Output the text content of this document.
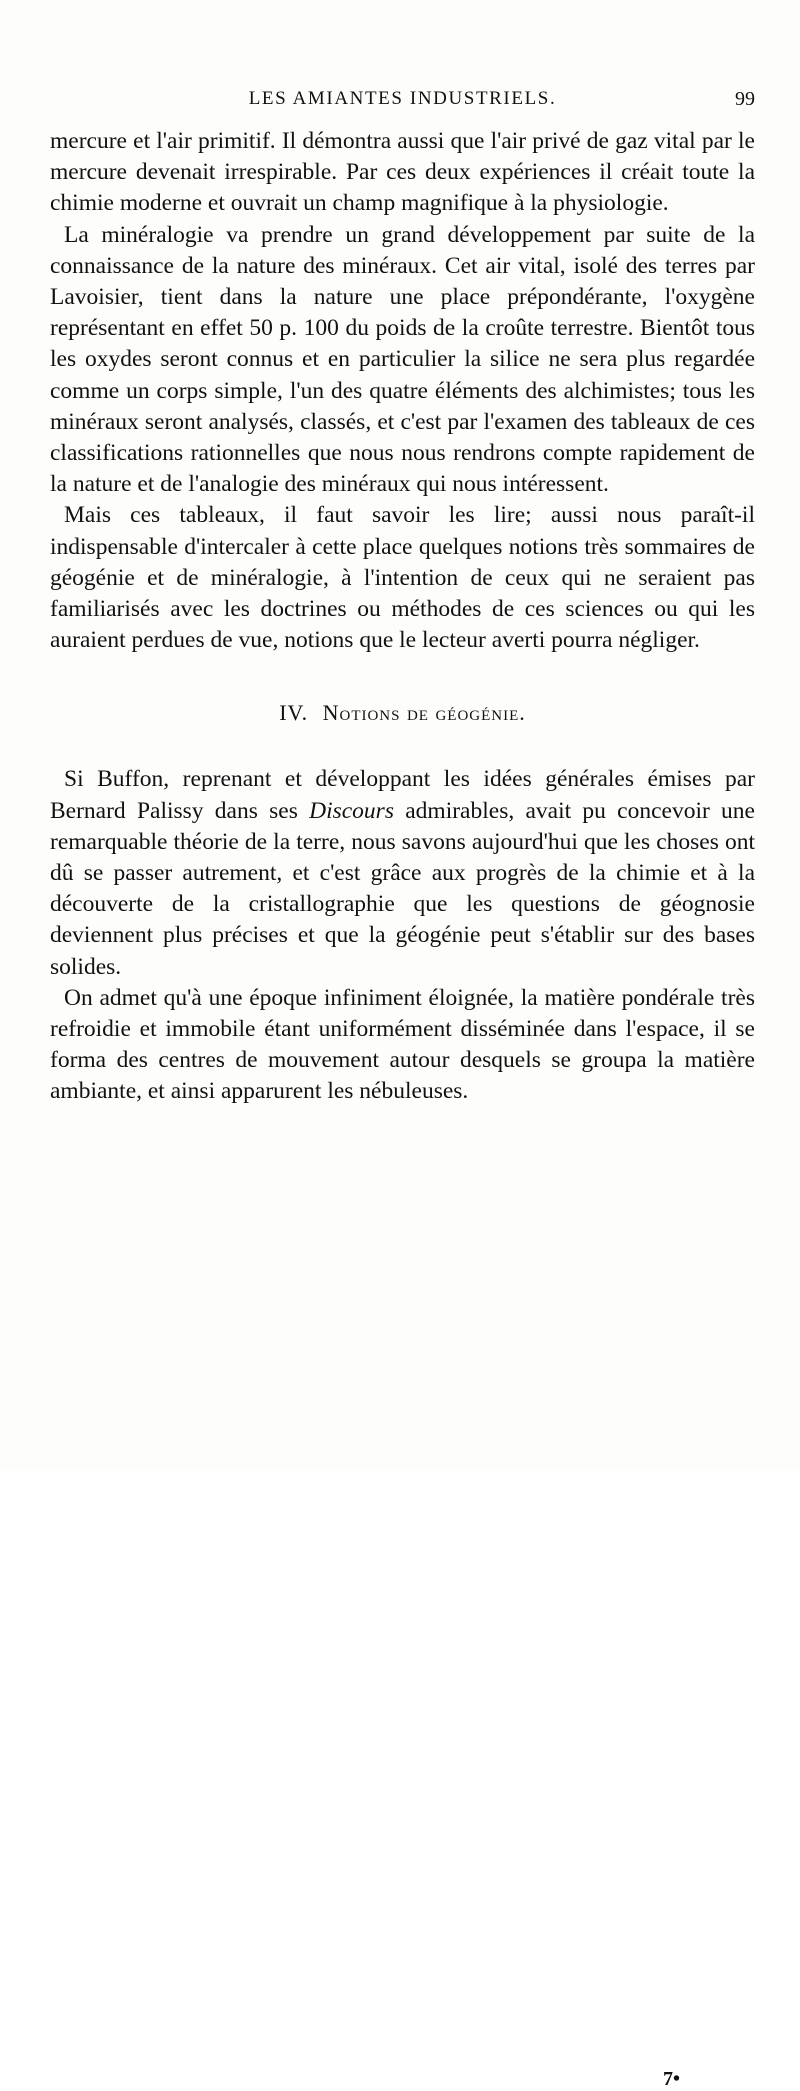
LES AMIANTES INDUSTRIELS.	99

mercure et l'air primitif. Il démontra aussi que l'air privé de gaz vital par le mercure devenait irrespirable. Par ces deux expériences il créait toute la chimie moderne et ouvrait un champ magnifique à la physiologie.

La minéralogie va prendre un grand développement par suite de la connaissance de la nature des minéraux. Cet air vital, isolé des terres par Lavoisier, tient dans la nature une place prépondérante, l'oxygène représentant en effet 50 p. 100 du poids de la croûte terrestre. Bientôt tous les oxydes seront connus et en particulier la silice ne sera plus regardée comme un corps simple, l'un des quatre éléments des alchimistes; tous les minéraux seront analysés, classés, et c'est par l'examen des tableaux de ces classifications rationnelles que nous nous rendrons compte rapidement de la nature et de l'analogie des minéraux qui nous intéressent.

Mais ces tableaux, il faut savoir les lire; aussi nous paraît-il indispensable d'intercaler à cette place quelques notions très sommaires de géogénie et de minéralogie, à l'intention de ceux qui ne seraient pas familiarisés avec les doctrines ou méthodes de ces sciences ou qui les auraient perdues de vue, notions que le lecteur averti pourra négliger.

IV. Notions de géogénie.

Si Buffon, reprenant et développant les idées générales émises par Bernard Palissy dans ses Discours admirables, avait pu concevoir une remarquable théorie de la terre, nous savons aujourd'hui que les choses ont dû se passer autrement, et c'est grâce aux progrès de la chimie et à la découverte de la cristallographie que les questions de géognosie deviennent plus précises et que la géogénie peut s'établir sur des bases solides.

On admet qu'à une époque infiniment éloignée, la matière pondérale très refroidie et immobile étant uniformément disséminée dans l'espace, il se forma des centres de mouvement autour desquels se groupa la matière ambiante, et ainsi apparurent les nébuleuses.

7•
